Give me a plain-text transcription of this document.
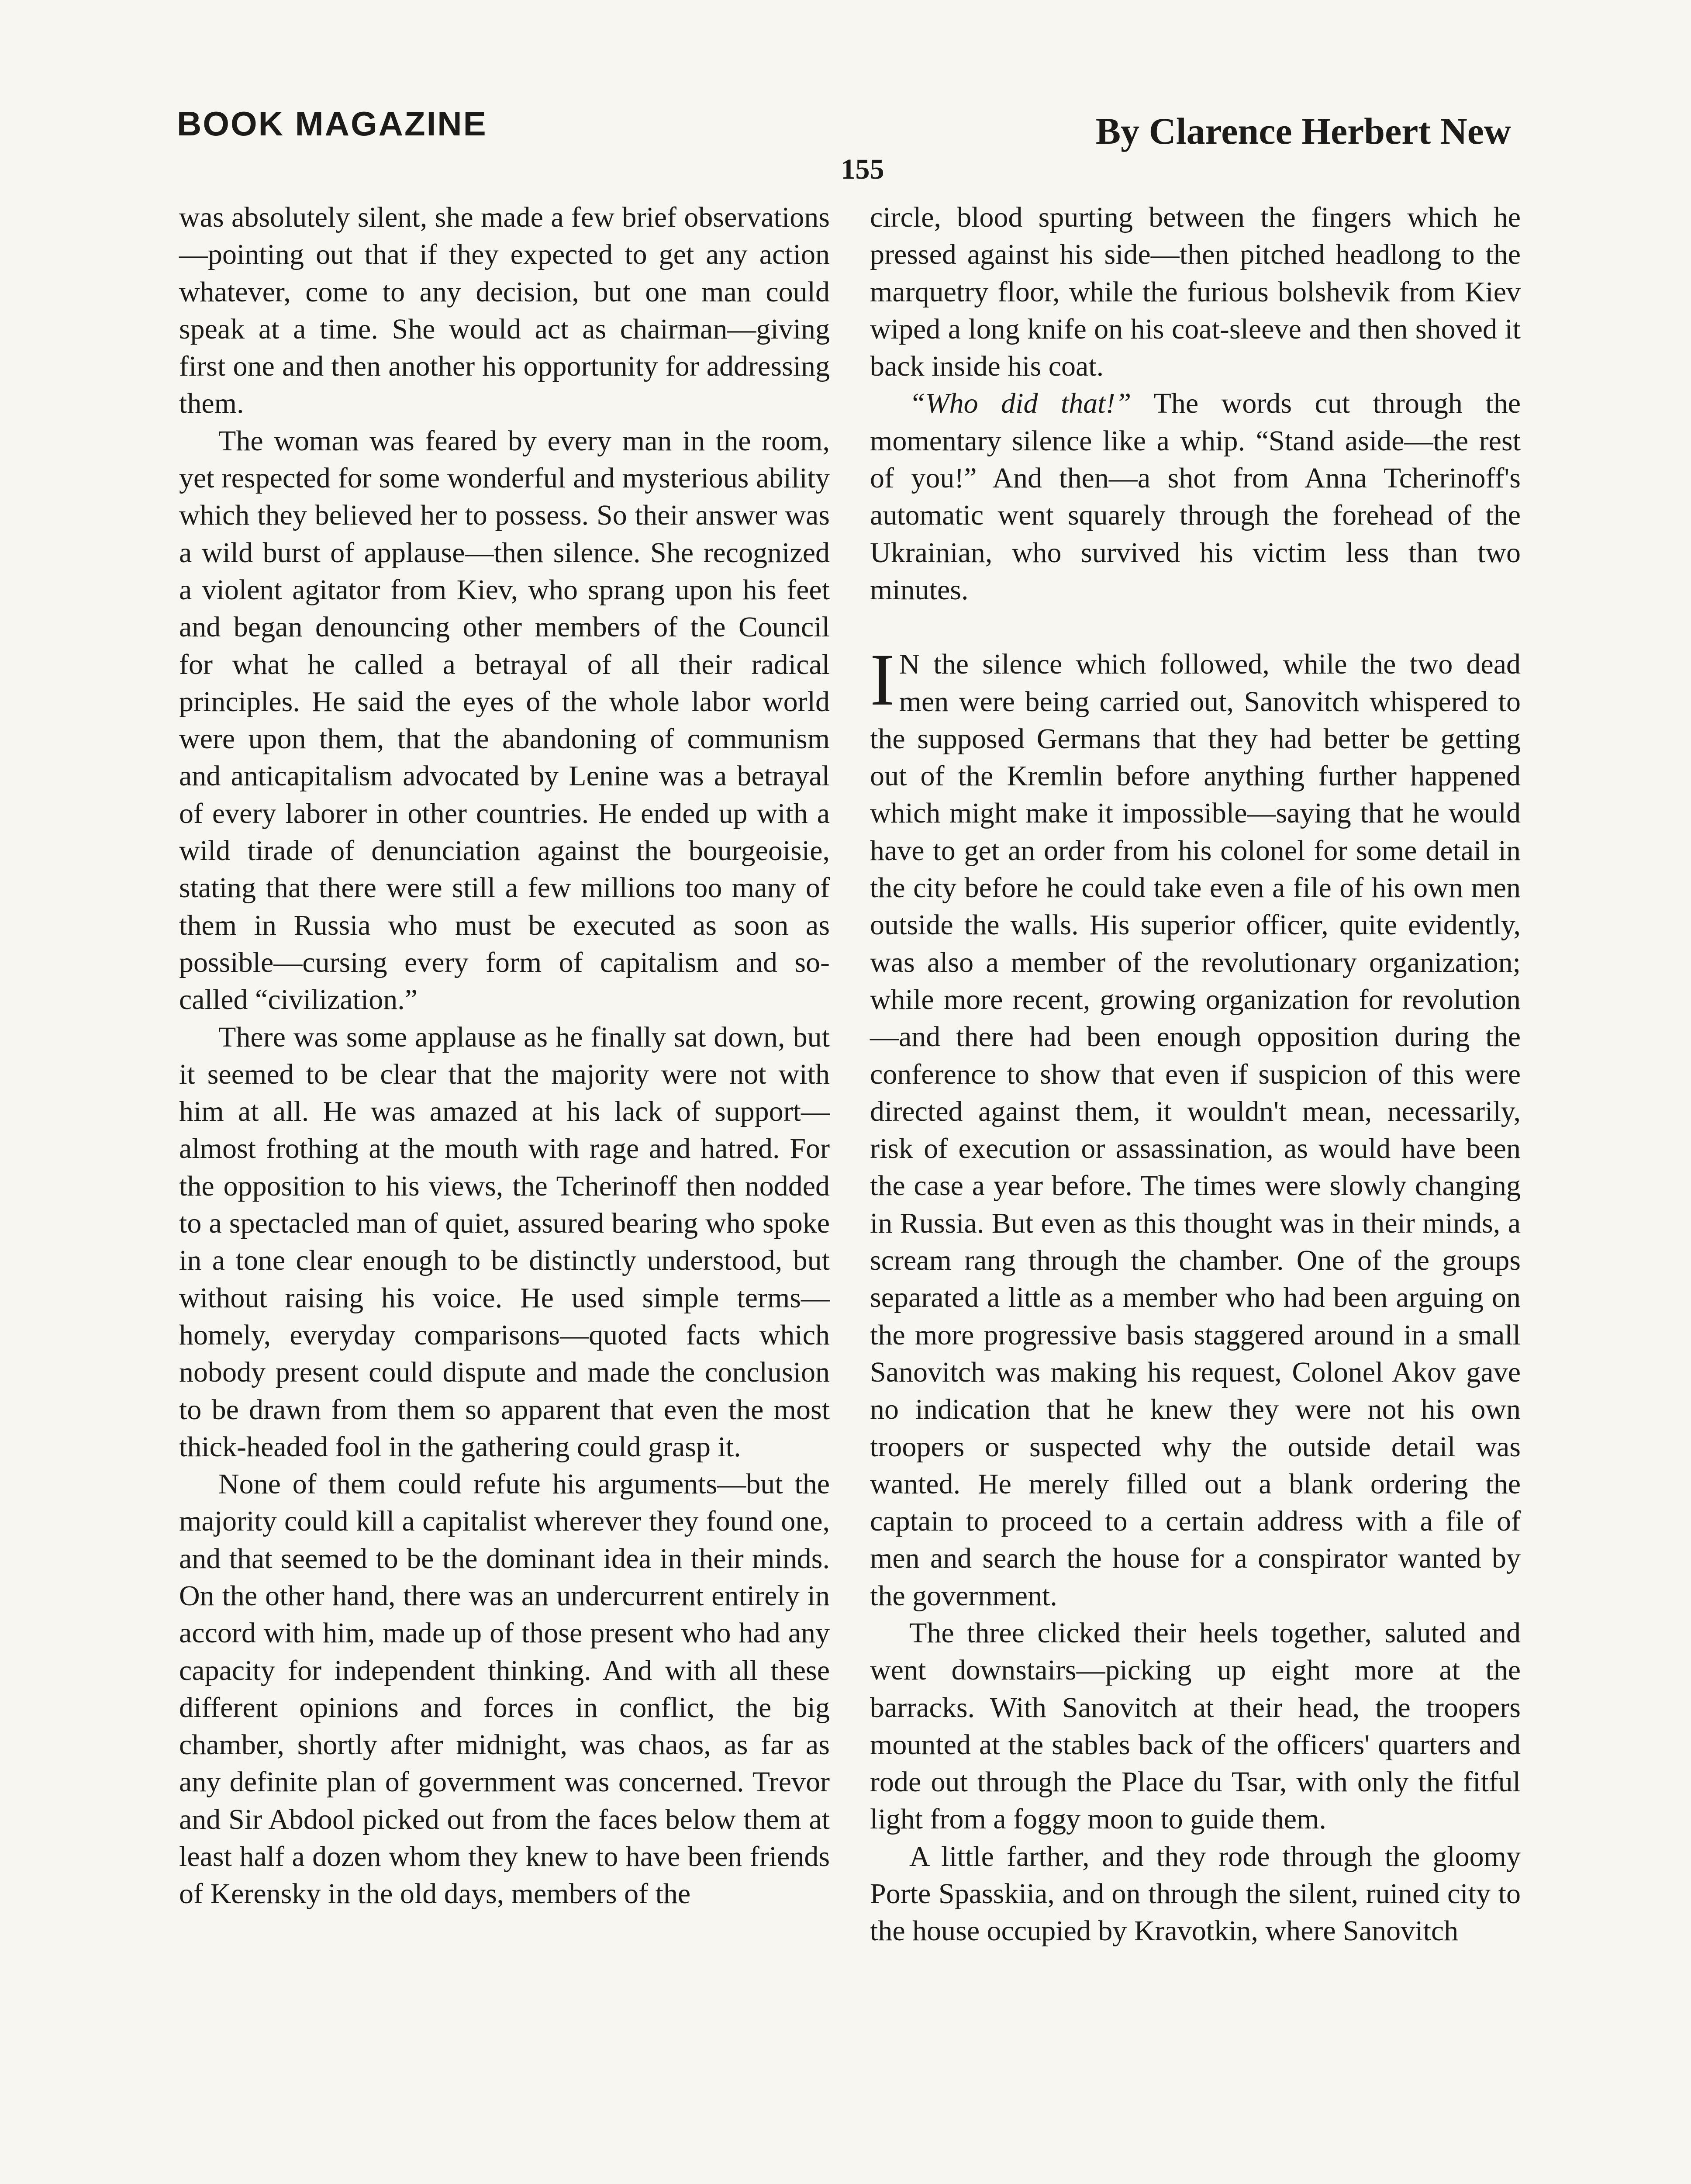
BOOK MAGAZINE	By Clarence Herbert New
155

was absolutely silent, she made a few brief observations—pointing out that if they expected to get any action whatever, come to any decision, but one man could speak at a time. She would act as chairman—giving first one and then another his opportunity for addressing them.

The woman was feared by every man in the room, yet respected for some wonderful and mysterious ability which they believed her to possess. So their answer was a wild burst of applause—then silence. She recognized a violent agitator from Kiev, who sprang upon his feet and began denouncing other members of the Council for what he called a betrayal of all their radical principles. He said the eyes of the whole labor world were upon them, that the abandoning of communism and anticapitalism advocated by Lenine was a betrayal of every laborer in other countries. He ended up with a wild tirade of denunciation against the bourgeoisie, stating that there were still a few millions too many of them in Russia who must be executed as soon as possible—cursing every form of capitalism and so-called “civilization.”

There was some applause as he finally sat down, but it seemed to be clear that the majority were not with him at all. He was amazed at his lack of support—almost frothing at the mouth with rage and hatred. For the opposition to his views, the Tcherinoff then nodded to a spectacled man of quiet, assured bearing who spoke in a tone clear enough to be distinctly understood, but without raising his voice. He used simple terms—homely, everyday comparisons—quoted facts which nobody present could dispute and made the conclusion to be drawn from them so apparent that even the most thick-headed fool in the gathering could grasp it.

None of them could refute his arguments—but the majority could kill a capitalist wherever they found one, and that seemed to be the dominant idea in their minds. On the other hand, there was an undercurrent entirely in accord with him, made up of those present who had any capacity for independent thinking. And with all these different opinions and forces in conflict, the big chamber, shortly after midnight, was chaos, as far as any definite plan of government was concerned. Trevor and Sir Abdool picked out from the faces below them at least half a dozen whom they knew to have been friends of Kerensky in the old days, members of the

circle, blood spurting between the fingers which he pressed against his side—then pitched headlong to the marquetry floor, while the furious bolshevik from Kiev wiped a long knife on his coat-sleeve and then shoved it back inside his coat.

“Who did that!” The words cut through the momentary silence like a whip. “Stand aside—the rest of you!” And then—a shot from Anna Tcherinoff's automatic went squarely through the forehead of the Ukrainian, who survived his victim less than two minutes.

I N the silence which followed, while the two dead men were being carried out, Sanovitch whispered to the supposed Germans that they had better be getting out of the Kremlin before anything further happened which might make it impossible—saying that he would have to get an order from his colonel for some detail in the city before he could take even a file of his own men outside the walls. His superior officer, quite evidently, was also a member of the revolutionary organization; while more recent, growing organization for revolution—and there had been enough opposition during the conference to show that even if suspicion of this were directed against them, it wouldn't mean, necessarily, risk of execution or assassination, as would have been the case a year before. The times were slowly changing in Russia. But even as this thought was in their minds, a scream rang through the chamber. One of the groups separated a little as a member who had been arguing on the more progressive basis staggered around in a small Sanovitch was making his request, Colonel Akov gave no indication that he knew they were not his own troopers or suspected why the outside detail was wanted. He merely filled out a blank ordering the captain to proceed to a certain address with a file of men and search the house for a conspirator wanted by the government.

The three clicked their heels together, saluted and went downstairs—picking up eight more at the barracks. With Sanovitch at their head, the troopers mounted at the stables back of the officers' quarters and rode out through the Place du Tsar, with only the fitful light from a foggy moon to guide them.

A little farther, and they rode through the gloomy Porte Spasskiia, and on through the silent, ruined city to the house occupied by Kravotkin, where Sanovitch
